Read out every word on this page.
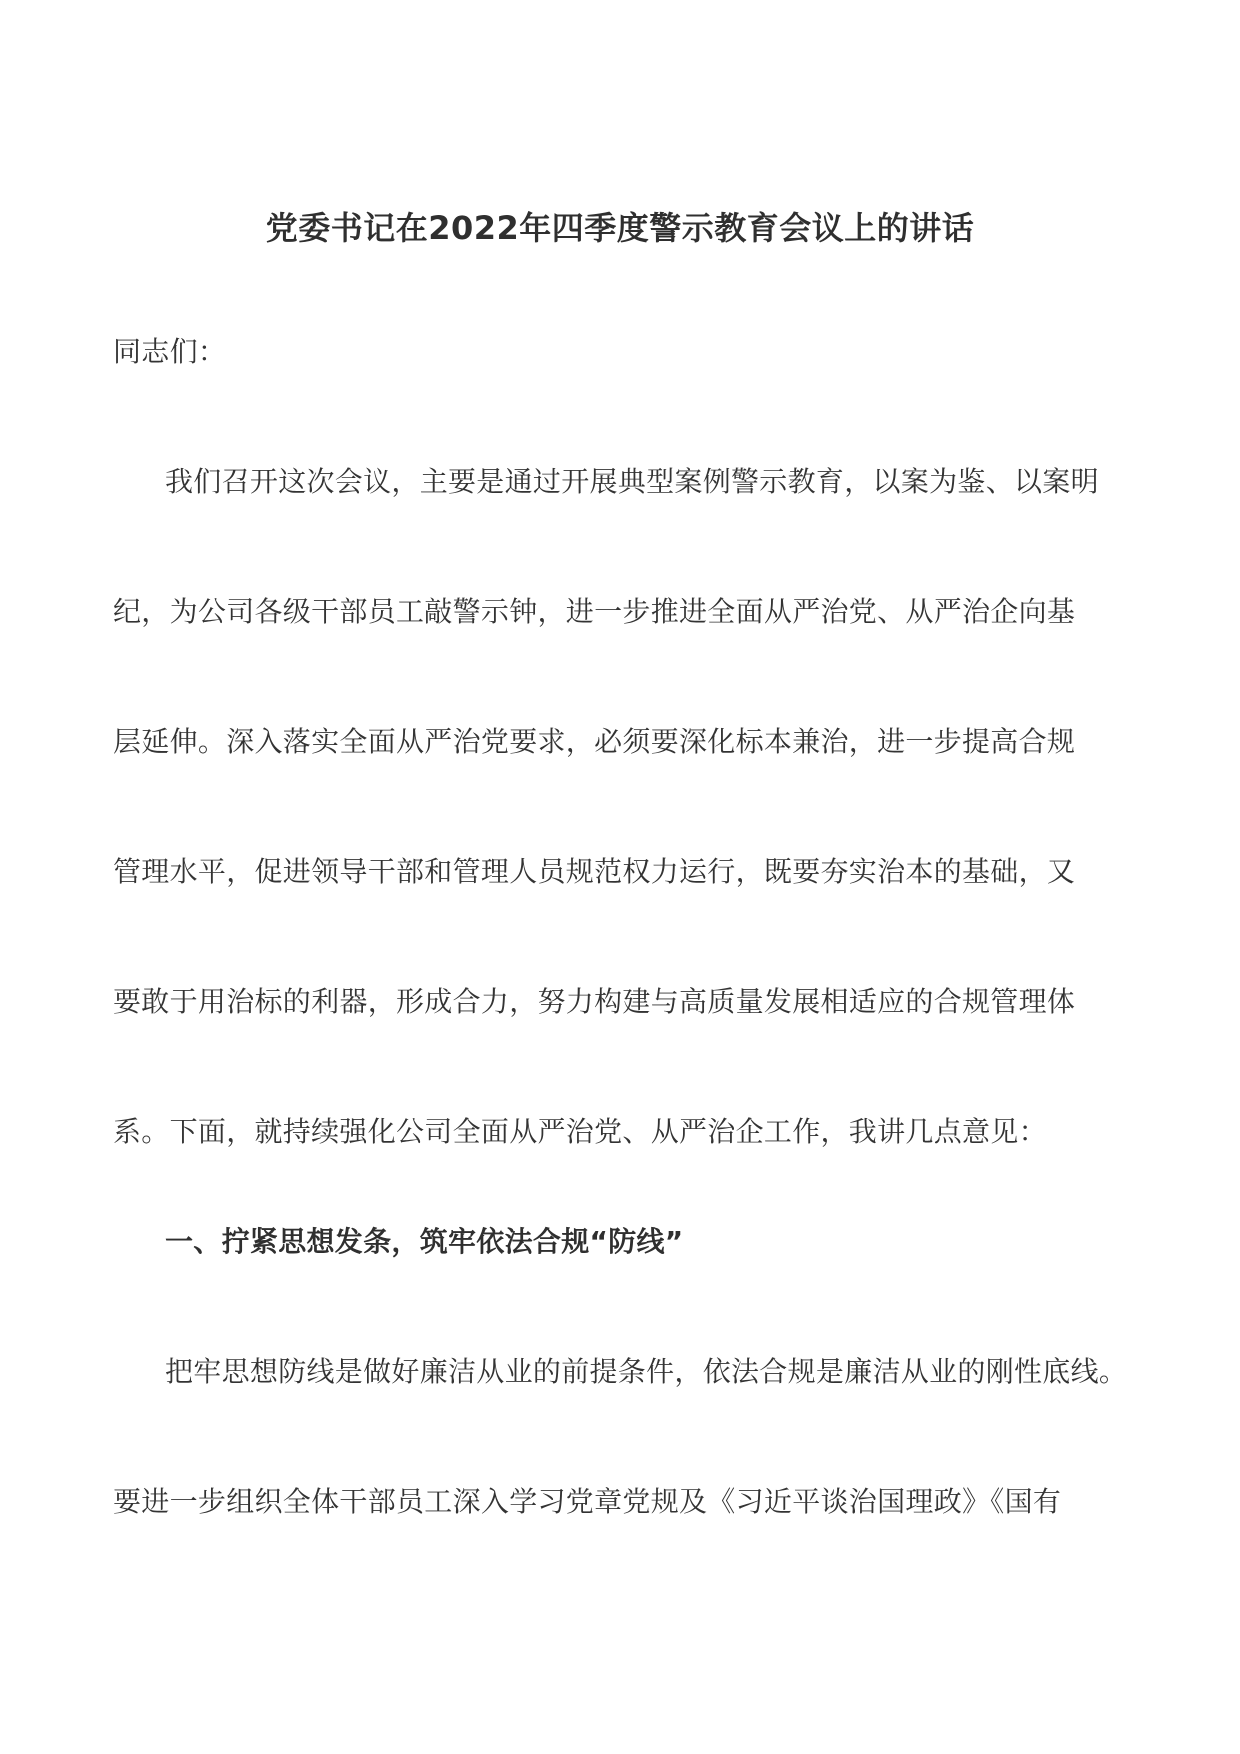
党委书记在2022年四季度警示教育会议上的讲话
同志们：
我们召开这次会议，主要是通过开展典型案例警示教育，以案为鉴、以案明
纪，为公司各级干部员工敲警示钟，进一步推进全面从严治党、从严治企向基
层延伸。深入落实全面从严治党要求，必须要深化标本兼治，进一步提高合规
管理水平，促进领导干部和管理人员规范权力运行，既要夯实治本的基础，又
要敢于用治标的利器，形成合力，努力构建与高质量发展相适应的合规管理体
系。下面，就持续强化公司全面从严治党、从严治企工作，我讲几点意见：
一、拧紧思想发条，筑牢依法合规“防线”
把牢思想防线是做好廉洁从业的前提条件，依法合规是廉洁从业的刚性底线。
要进一步组织全体干部员工深入学习党章党规及《习近平谈治国理政》《国有
